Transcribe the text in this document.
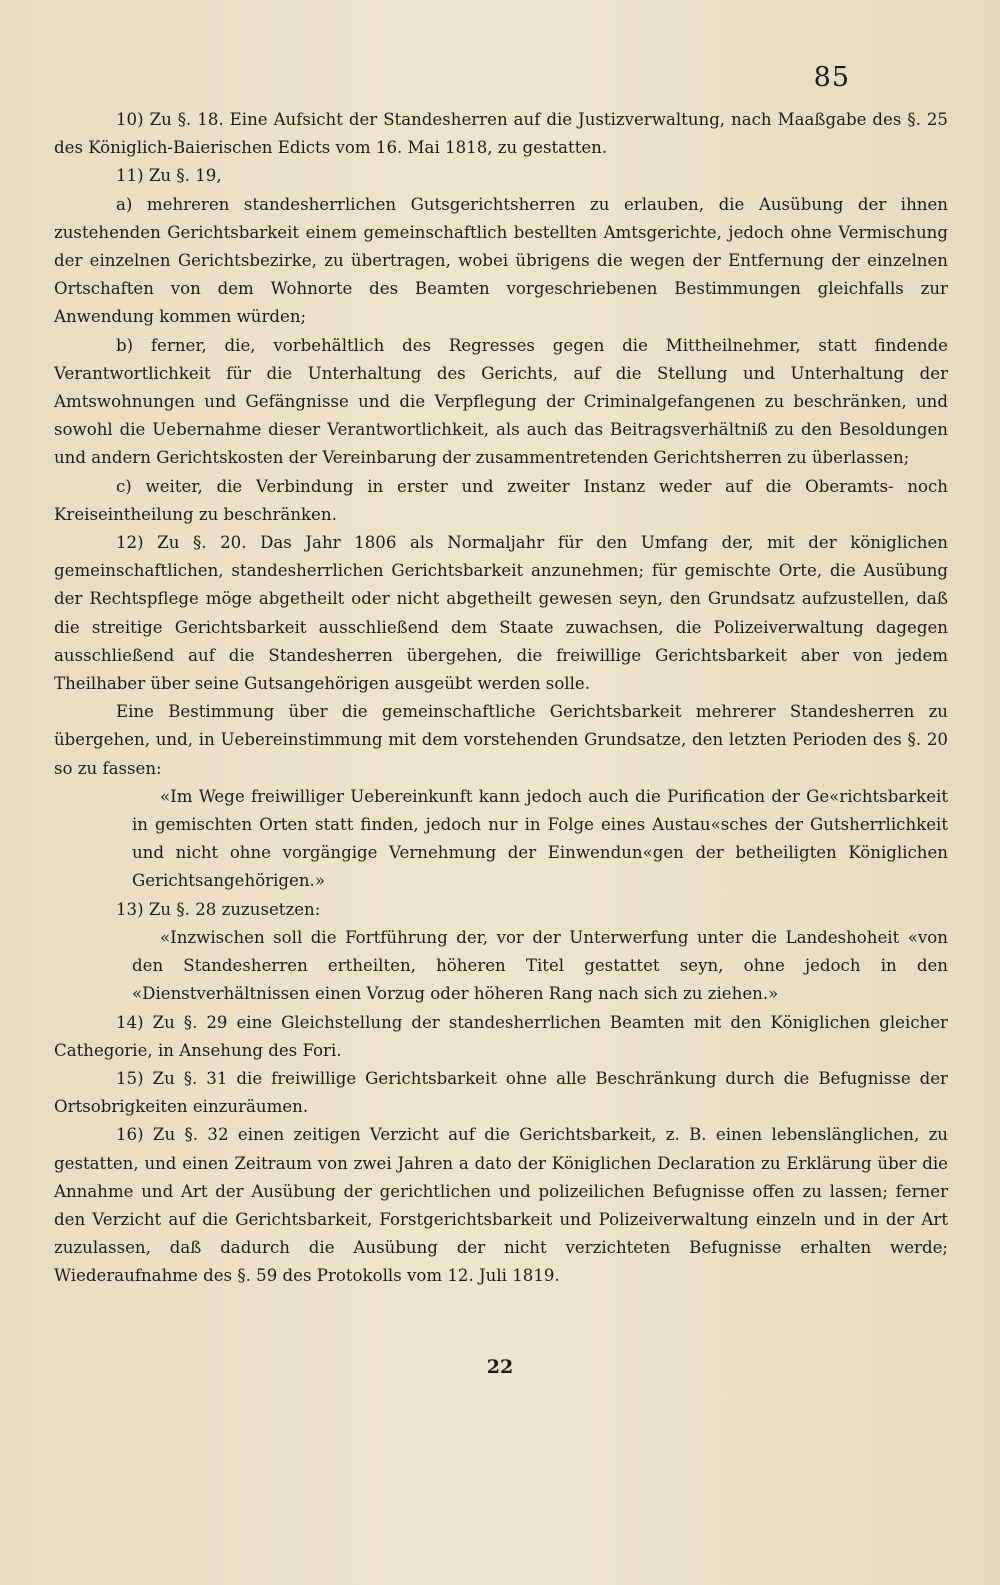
85

10) Zu §. 18. Eine Aufsicht der Standesherren auf die Justizverwaltung, nach Maaßgabe des §. 25 des Königlich-Baierischen Edicts vom 16. Mai 1818, zu gestatten.

11) Zu §. 19,

a) mehreren standesherrlichen Gutsgerichtsherren zu erlauben, die Ausübung der ihnen zustehenden Gerichtsbarkeit einem gemeinschaftlich bestellten Amtsgerichte, jedoch ohne Vermischung der einzelnen Gerichtsbezirke, zu übertragen, wobei übrigens die wegen der Entfernung der einzelnen Ortschaften von dem Wohnorte des Beamten vorgeschriebenen Bestimmungen gleichfalls zur Anwendung kommen würden;

b) ferner, die, vorbehältlich des Regresses gegen die Mittheilnehmer, statt findende Verantwortlichkeit für die Unterhaltung des Gerichts, auf die Stellung und Unterhaltung der Amtswohnungen und Gefängnisse und die Verpflegung der Criminalgefangenen zu beschränken, und sowohl die Uebernahme dieser Verantwortlichkeit, als auch das Beitragsverhältniß zu den Besoldungen und andern Gerichtskosten der Vereinbarung der zusammentretenden Gerichtsherren zu überlassen;

c) weiter, die Verbindung in erster und zweiter Instanz weder auf die Oberamts- noch Kreiseintheilung zu beschränken.

12) Zu §. 20. Das Jahr 1806 als Normaljahr für den Umfang der, mit der königlichen gemeinschaftlichen, standesherrlichen Gerichtsbarkeit anzunehmen; für gemischte Orte, die Ausübung der Rechtspflege möge abgetheilt oder nicht abgetheilt gewesen seyn, den Grundsatz aufzustellen, daß die streitige Gerichtsbarkeit ausschließend dem Staate zuwachsen, die Polizeiverwaltung dagegen ausschließend auf die Standesherren übergehen, die freiwillige Gerichtsbarkeit aber von jedem Theilhaber über seine Gutsangehörigen ausgeübt werden solle.

Eine Bestimmung über die gemeinschaftliche Gerichtsbarkeit mehrerer Standesherren zu übergehen, und, in Uebereinstimmung mit dem vorstehenden Grundsatze, den letzten Perioden des §. 20 so zu fassen:

«Im Wege freiwilliger Uebereinkunft kann jedoch auch die Purification der Ge«richtsbarkeit in gemischten Orten statt finden, jedoch nur in Folge eines Austau«sches der Gutsherrlichkeit und nicht ohne vorgängige Vernehmung der Einwendun«gen der betheiligten Königlichen Gerichtsangehörigen.»

13) Zu §. 28 zuzusetzen:

«Inzwischen soll die Fortführung der, vor der Unterwerfung unter die Landeshoheit «von den Standesherren ertheilten, höheren Titel gestattet seyn, ohne jedoch in den «Dienstverhältnissen einen Vorzug oder höheren Rang nach sich zu ziehen.»

14) Zu §. 29 eine Gleichstellung der standesherrlichen Beamten mit den Königlichen gleicher Cathegorie, in Ansehung des Fori.

15) Zu §. 31 die freiwillige Gerichtsbarkeit ohne alle Beschränkung durch die Befugnisse der Ortsobrigkeiten einzuräumen.

16) Zu §. 32 einen zeitigen Verzicht auf die Gerichtsbarkeit, z. B. einen lebenslänglichen, zu gestatten, und einen Zeitraum von zwei Jahren a dato der Königlichen Declaration zu Erklärung über die Annahme und Art der Ausübung der gerichtlichen und polizeilichen Befugnisse offen zu lassen; ferner den Verzicht auf die Gerichtsbarkeit, Forstgerichtsbarkeit und Polizeiverwaltung einzeln und in der Art zuzulassen, daß dadurch die Ausübung der nicht verzichteten Befugnisse erhalten werde; Wiederaufnahme des §. 59 des Protokolls vom 12. Juli 1819.

22
